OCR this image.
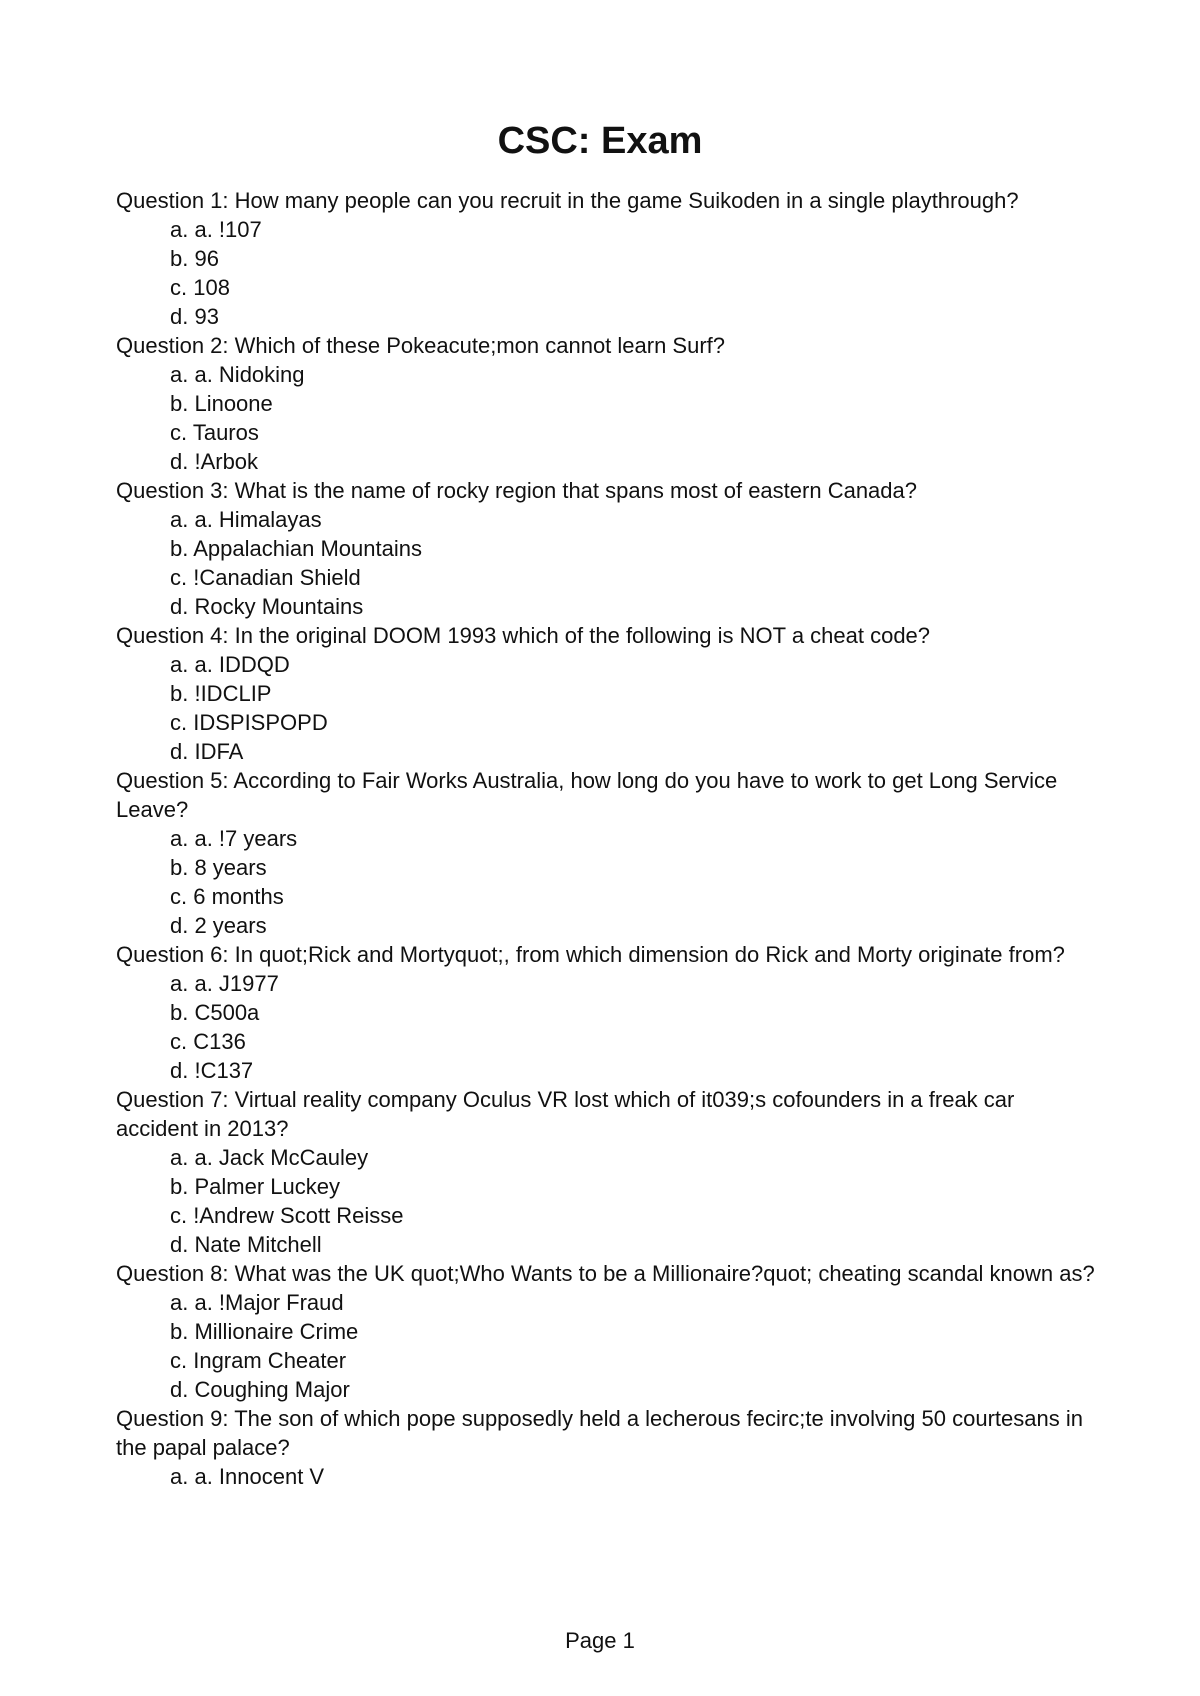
CSC: Exam

Question 1: How many people can you recruit in the game Suikoden in a single playthrough?

a. a. !107
b. 96
c. 108
d. 93

Question 2: Which of these Pokeacute;mon cannot learn Surf?

a. a. Nidoking
b. Linoone
c. Tauros
d. !Arbok

Question 3: What is the name of rocky region that spans most of eastern Canada?

a. a. Himalayas
b. Appalachian Mountains
c. !Canadian Shield
d. Rocky Mountains

Question 4: In the original DOOM 1993 which of the following is NOT a cheat code?

a. a. IDDQD
b. !IDCLIP
c. IDSPISPOPD
d. IDFA

Question 5: According to Fair Works Australia, how long do you have to work to get Long Service Leave?

a. a. !7 years
b. 8 years
c. 6 months
d. 2 years

Question 6: In quot;Rick and Mortyquot;, from which dimension do Rick and Morty originate from?

a. a. J1977
b. C500a
c. C136
d. !C137

Question 7: Virtual reality company Oculus VR lost which of it039;s cofounders in a freak car accident in 2013?

a. a. Jack McCauley
b. Palmer Luckey
c. !Andrew Scott Reisse
d. Nate Mitchell

Question 8: What was the UK quot;Who Wants to be a Millionaire?quot; cheating scandal known as?

a. a. !Major Fraud
b. Millionaire Crime
c. Ingram Cheater
d. Coughing Major

Question 9: The son of which pope supposedly held a lecherous fecirc;te involving 50 courtesans in the papal palace?

a. a. Innocent V
Page 1
